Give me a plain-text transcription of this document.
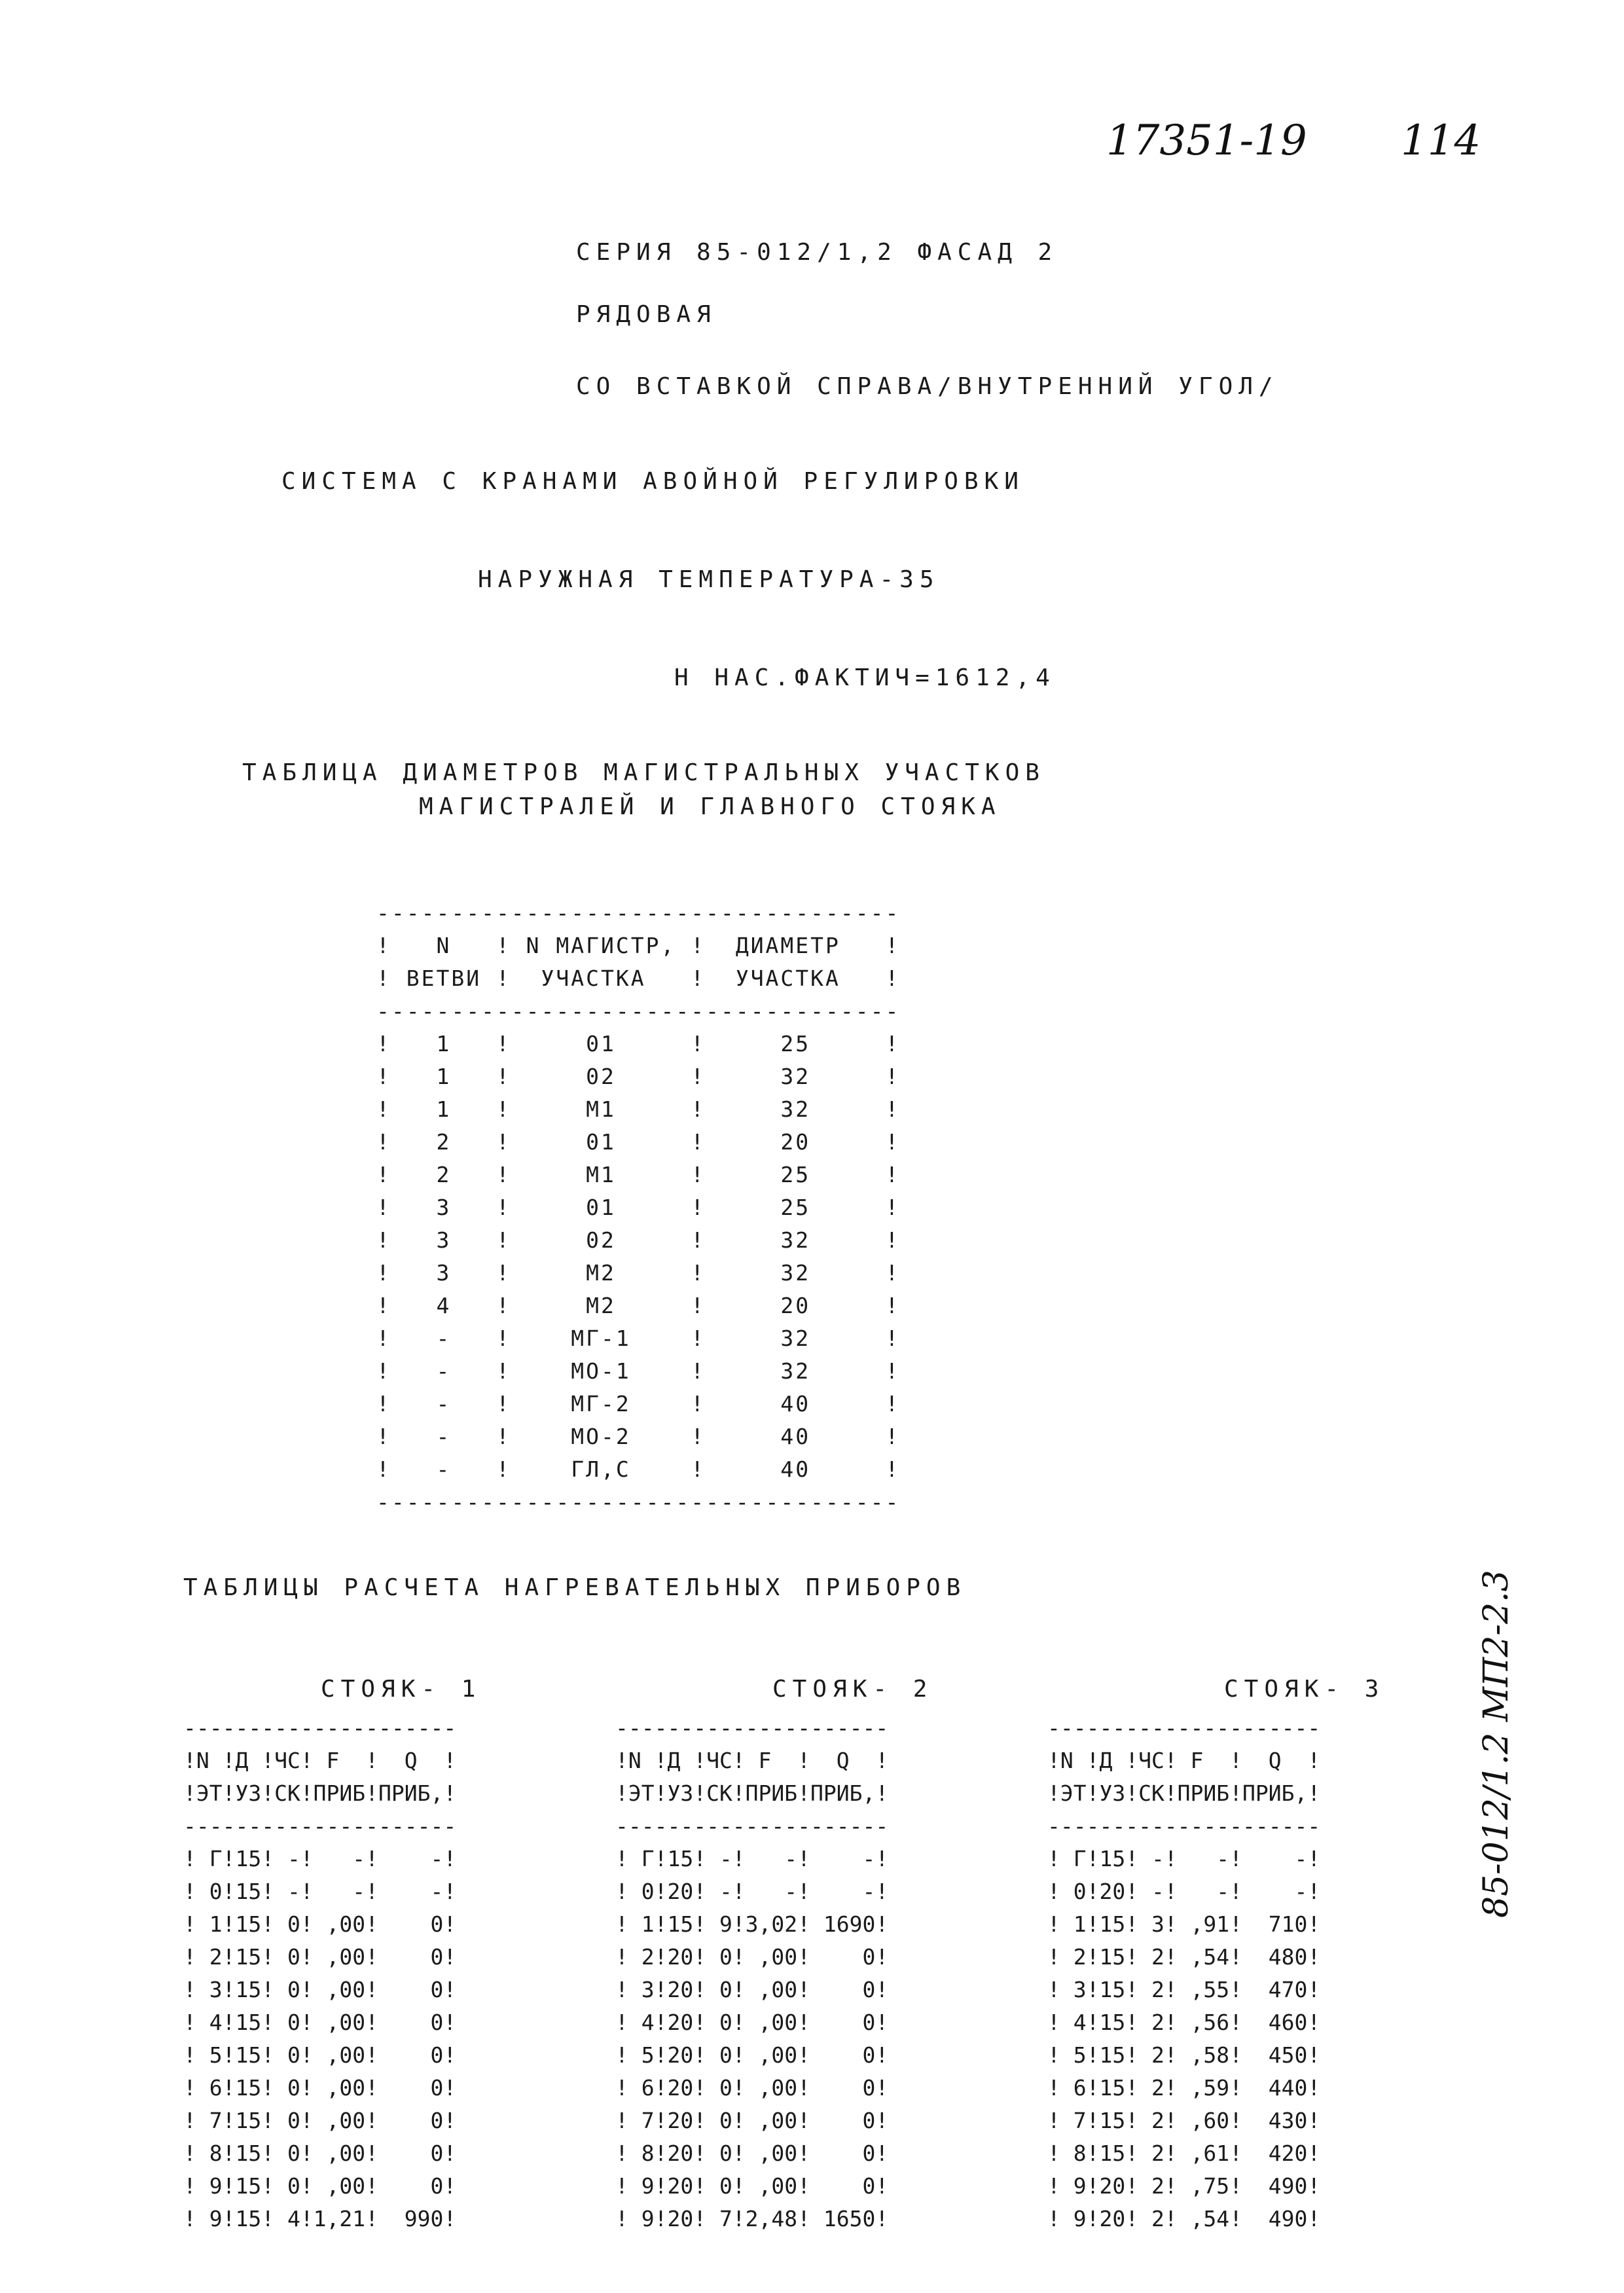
17351-19 114
СЕРИЯ 85-012/1,2 ФАСАД 2
РЯДОВАЯ
СО ВСТАВКОЙ СПРАВА/ВНУТРЕННИЙ УГОЛ/
СИСТЕМА С КРАНАМИ АВОЙНОЙ РЕГУЛИРОВКИ
НАРУЖНАЯ ТЕМПЕРАТУРА-35
Н НАС.ФАКТИЧ=1612,4
ТАБЛИЦА ДИАМЕТРОВ МАГИСТРАЛЬНЫХ УЧАСТКОВ
МАГИСТРАЛЕЙ И ГЛАВНОГО СТОЯКА
-----------------------------------
!   N   ! N МАГИСТР, !  ДИАМЕТР   !
! ВЕТВИ !  УЧАСТКА   !  УЧАСТКА   !
-----------------------------------
!   1   !     01     !     25     !
!   1   !     02     !     32     !
!   1   !     М1     !     32     !
!   2   !     01     !     20     !
!   2   !     М1     !     25     !
!   3   !     01     !     25     !
!   3   !     02     !     32     !
!   3   !     М2     !     32     !
!   4   !     М2     !     20     !
!   -   !    МГ-1    !     32     !
!   -   !    МО-1    !     32     !
!   -   !    МГ-2    !     40     !
!   -   !    МО-2    !     40     !
!   -   !    ГЛ,С    !     40     !
-----------------------------------
ТАБЛИЦЫ РАСЧЕТА НАГРЕВАТЕЛЬНЫХ ПРИБОРОВ
СТОЯК- 1	СТОЯК- 2	СТОЯК- 3
---------------------
!N !Д !ЧС! F  !  Q  !
!ЭТ!УЗ!СК!ПРИБ!ПРИБ,!
---------------------
! Г!15! -!   -!    -!
! 0!15! -!   -!    -!
! 1!15! 0! ,00!    0!
! 2!15! 0! ,00!    0!
! 3!15! 0! ,00!    0!
! 4!15! 0! ,00!    0!
! 5!15! 0! ,00!    0!
! 6!15! 0! ,00!    0!
! 7!15! 0! ,00!    0!
! 8!15! 0! ,00!    0!
! 9!15! 0! ,00!    0!
! 9!15! 4!1,21!  990!
---------------------
!N !Д !ЧС! F  !  Q  !
!ЭТ!УЗ!СК!ПРИБ!ПРИБ,!
---------------------
! Г!15! -!   -!    -!
! 0!20! -!   -!    -!
! 1!15! 9!3,02! 1690!
! 2!20! 0! ,00!    0!
! 3!20! 0! ,00!    0!
! 4!20! 0! ,00!    0!
! 5!20! 0! ,00!    0!
! 6!20! 0! ,00!    0!
! 7!20! 0! ,00!    0!
! 8!20! 0! ,00!    0!
! 9!20! 0! ,00!    0!
! 9!20! 7!2,48! 1650!
---------------------
!N !Д !ЧС! F  !  Q  !
!ЭТ!УЗ!СК!ПРИБ!ПРИБ,!
---------------------
! Г!15! -!   -!    -!
! 0!20! -!   -!    -!
! 1!15! 3! ,91!  710!
! 2!15! 2! ,54!  480!
! 3!15! 2! ,55!  470!
! 4!15! 2! ,56!  460!
! 5!15! 2! ,58!  450!
! 6!15! 2! ,59!  440!
! 7!15! 2! ,60!  430!
! 8!15! 2! ,61!  420!
! 9!20! 2! ,75!  490!
! 9!20! 2! ,54!  490!
85-012/1.2 МП2-2.3
